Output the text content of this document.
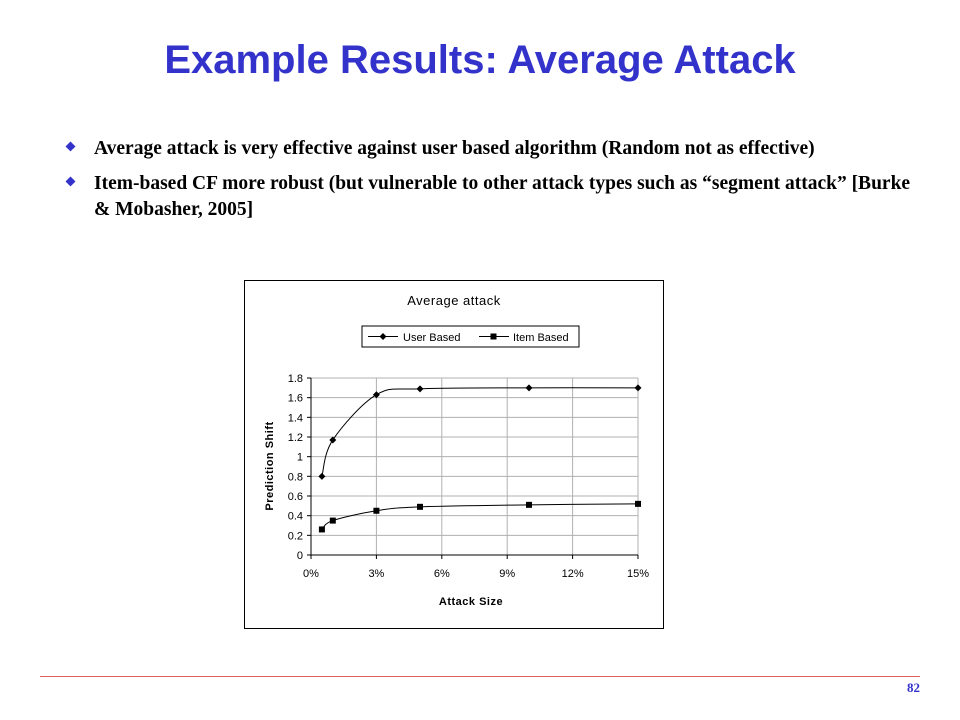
Example Results: Average Attack
Average attack is very effective against user based algorithm (Random not as effective)
Item-based CF more robust (but vulnerable to other attack types such as “segment attack” [Burke & Mobasher, 2005]
Average attack
User Based	Item Based
0
0.2
0.4
0.6
0.8
1
1.2
1.4
1.6
1.8
0%	3%	6%	9%	12%	15%
Attack Size
Prediction Shift
82
